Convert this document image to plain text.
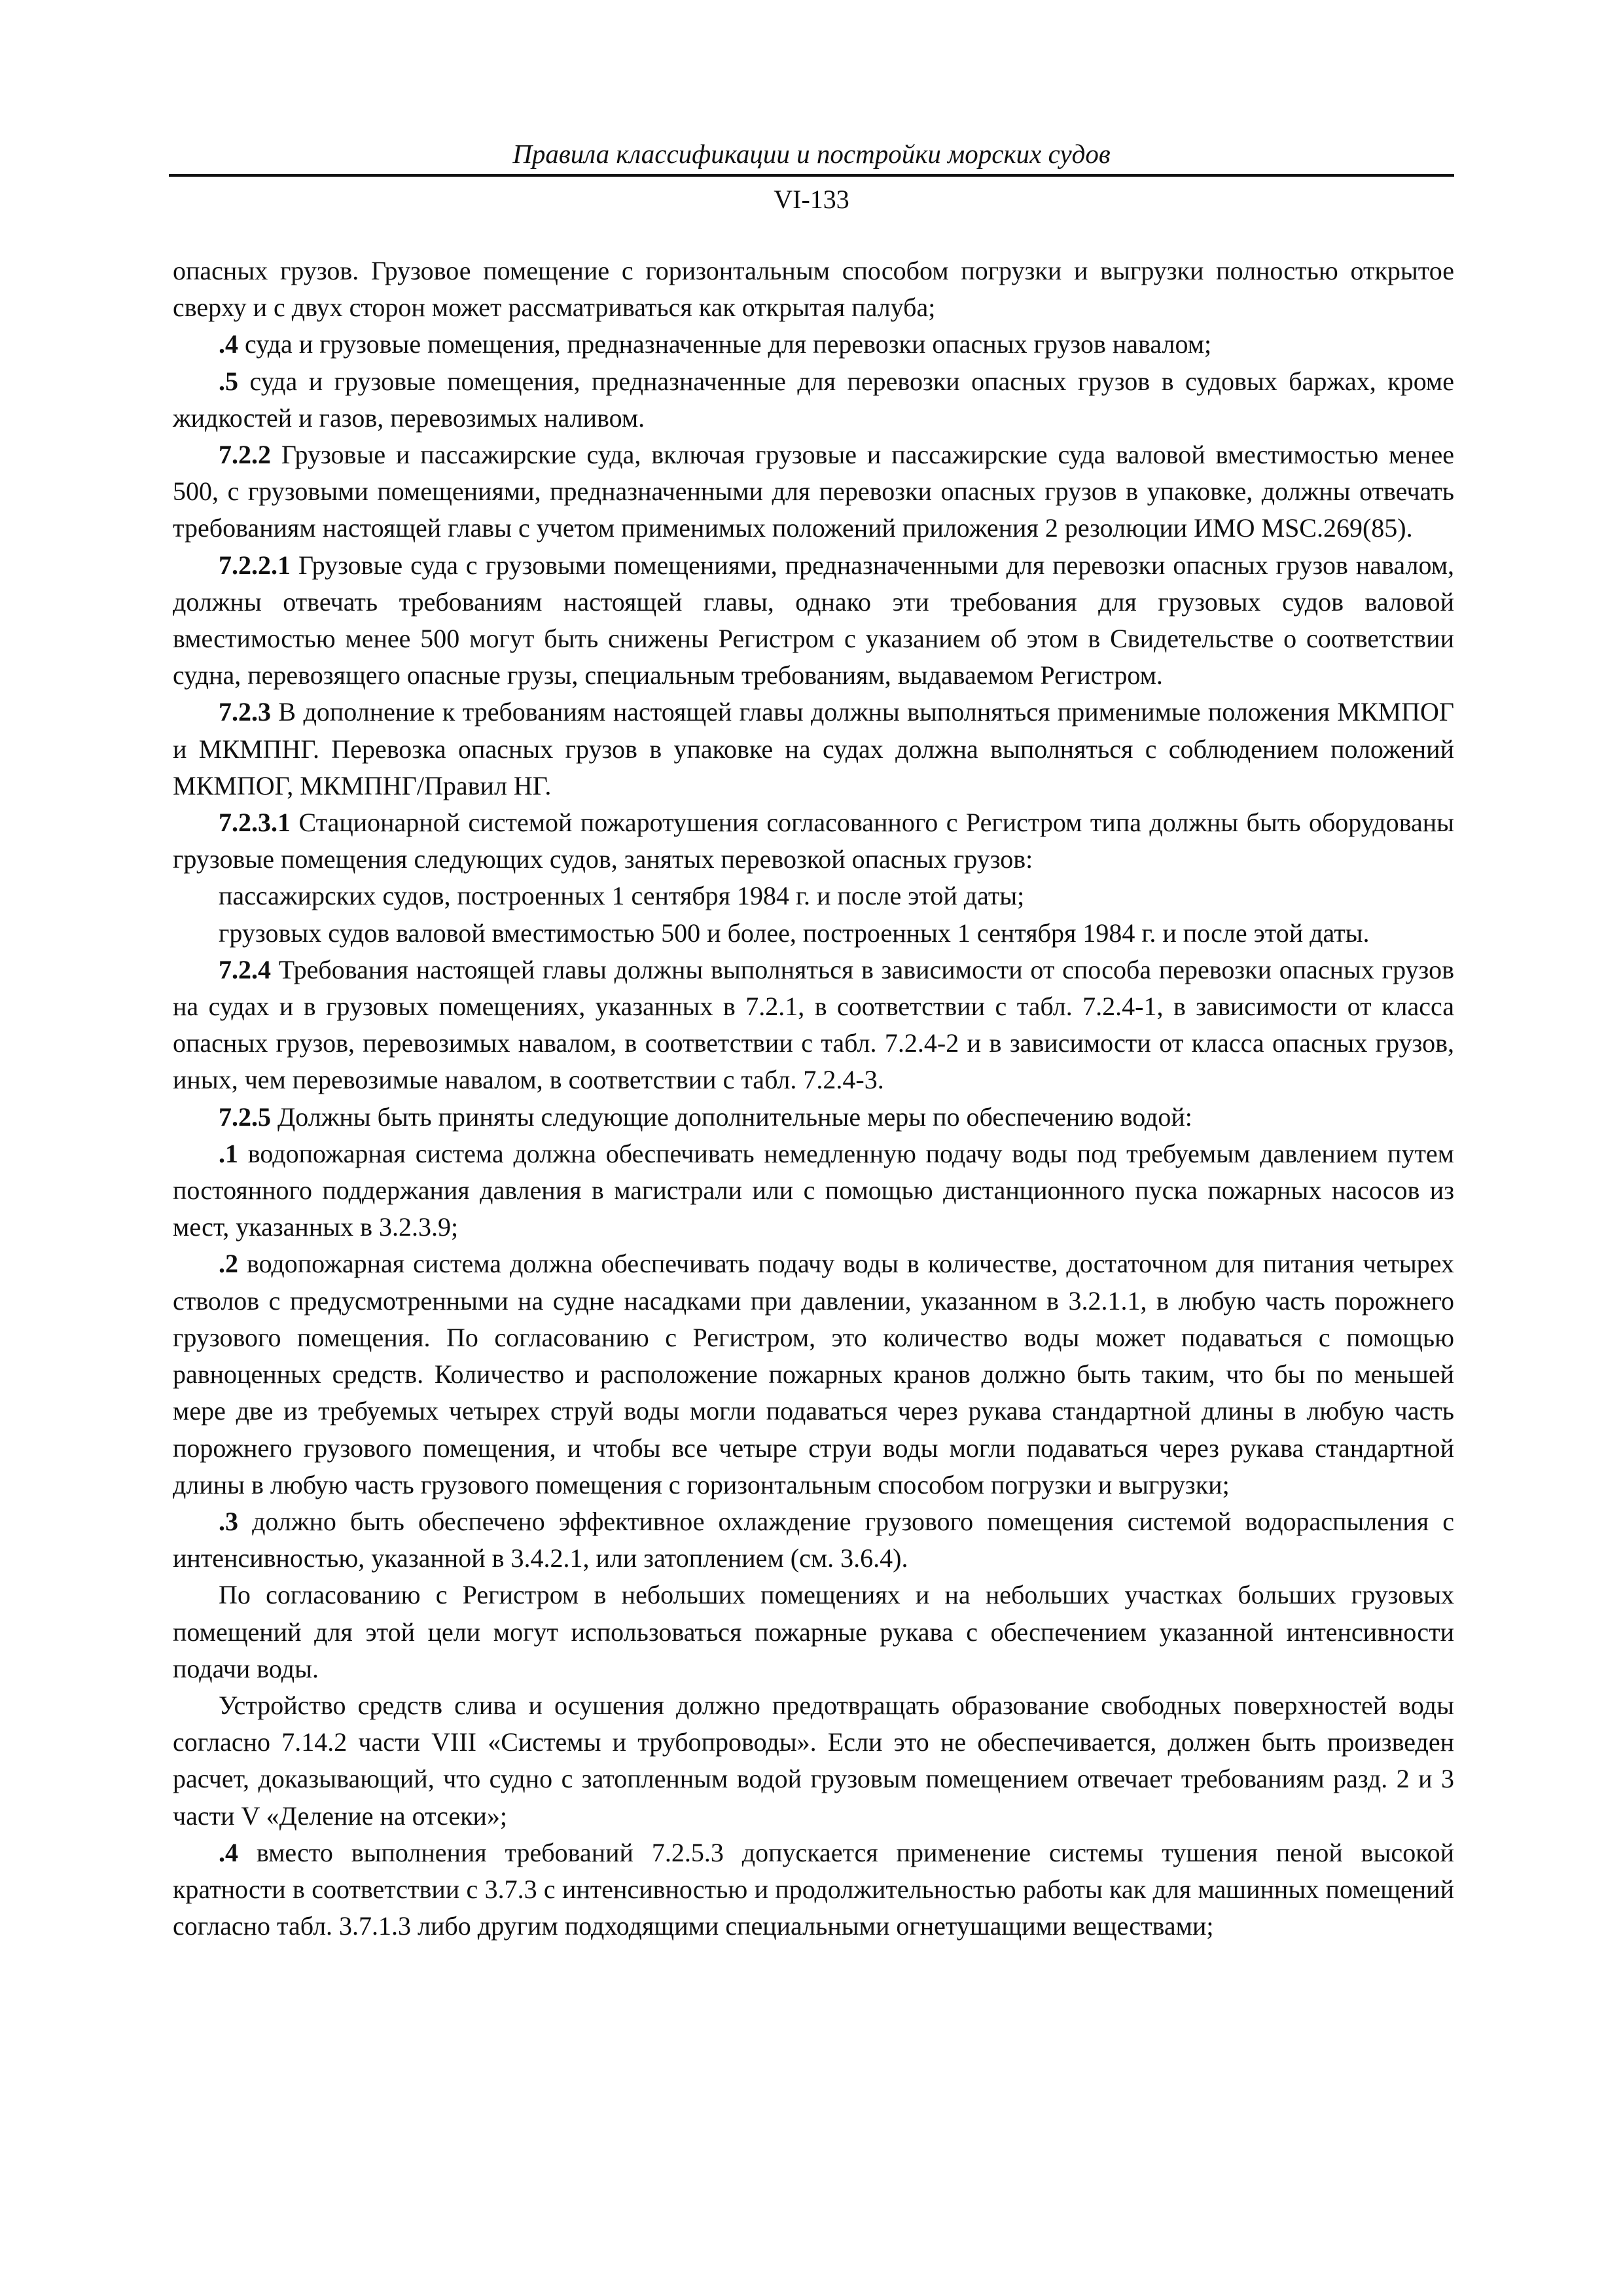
Правила классификации и постройки морских судов
VI-133

опасных грузов. Грузовое помещение с горизонтальным способом погрузки и выгрузки полностью открытое сверху и с двух сторон может рассматриваться как открытая палуба;

.4 суда и грузовые помещения, предназначенные для перевозки опасных грузов навалом;

.5 суда и грузовые помещения, предназначенные для перевозки опасных грузов в судовых баржах, кроме жидкостей и газов, перевозимых наливом.

7.2.2 Грузовые и пассажирские суда, включая грузовые и пассажирские суда валовой вместимостью менее 500, с грузовыми помещениями, предназначенными для перевозки опасных грузов в упаковке, должны отвечать требованиям настоящей главы с учетом применимых положений приложения 2 резолюции ИМО MSC.269(85).

7.2.2.1 Грузовые суда с грузовыми помещениями, предназначенными для перевозки опасных грузов навалом, должны отвечать требованиям настоящей главы, однако эти требования для грузовых судов валовой вместимостью менее 500 могут быть снижены Регистром с указанием об этом в Свидетельстве о соответствии судна, перевозящего опасные грузы, специальным требованиям, выдаваемом Регистром.

7.2.3 В дополнение к требованиям настоящей главы должны выполняться применимые положения МКМПОГ и МКМПНГ. Перевозка опасных грузов в упаковке на судах должна выполняться с соблюдением положений МКМПОГ, МКМПНГ/Правил НГ.

7.2.3.1 Стационарной системой пожаротушения согласованного с Регистром типа должны быть оборудованы грузовые помещения следующих судов, занятых перевозкой опасных грузов:

пассажирских судов, построенных 1 сентября 1984 г. и после этой даты;

грузовых судов валовой вместимостью 500 и более, построенных 1 сентября 1984 г. и после этой даты.

7.2.4 Требования настоящей главы должны выполняться в зависимости от способа перевозки опасных грузов на судах и в грузовых помещениях, указанных в 7.2.1, в соответствии с табл. 7.2.4-1, в зависимости от класса опасных грузов, перевозимых навалом, в соответствии с табл. 7.2.4-2 и в зависимости от класса опасных грузов, иных, чем перевозимые навалом, в соответствии с табл. 7.2.4-3.

7.2.5 Должны быть приняты следующие дополнительные меры по обеспечению водой:

.1 водопожарная система должна обеспечивать немедленную подачу воды под требуемым давлением путем постоянного поддержания давления в магистрали или с помощью дистанционного пуска пожарных насосов из мест, указанных в 3.2.3.9;

.2 водопожарная система должна обеспечивать подачу воды в количестве, достаточном для питания четырех стволов с предусмотренными на судне насадками при давлении, указанном в 3.2.1.1, в любую часть порожнего грузового помещения. По согласованию с Регистром, это количество воды может подаваться с помощью равноценных средств. Количество и расположение пожарных кранов должно быть таким, что бы по меньшей мере две из требуемых четырех струй воды могли подаваться через рукава стандартной длины в любую часть порожнего грузового помещения, и чтобы все четыре струи воды могли подаваться через рукава стандартной длины в любую часть грузового помещения с горизонтальным способом погрузки и выгрузки;

.3 должно быть обеспечено эффективное охлаждение грузового помещения системой водораспыления с интенсивностью, указанной в 3.4.2.1, или затоплением (см. 3.6.4).

По согласованию с Регистром в небольших помещениях и на небольших участках больших грузовых помещений для этой цели могут использоваться пожарные рукава с обеспечением указанной интенсивности подачи воды.

Устройство средств слива и осушения должно предотвращать образование свободных поверхностей воды согласно 7.14.2 части VIII «Системы и трубопроводы». Если это не обеспечивается, должен быть произведен расчет, доказывающий, что судно с затопленным водой грузовым помещением отвечает требованиям разд. 2 и 3 части V «Деление на отсеки»;

.4 вместо выполнения требований 7.2.5.3 допускается применение системы тушения пеной высокой кратности в соответствии с 3.7.3 с интенсивностью и продолжительностью работы как для машинных помещений согласно табл. 3.7.1.3 либо другим подходящими специальными огнетушащими веществами;
